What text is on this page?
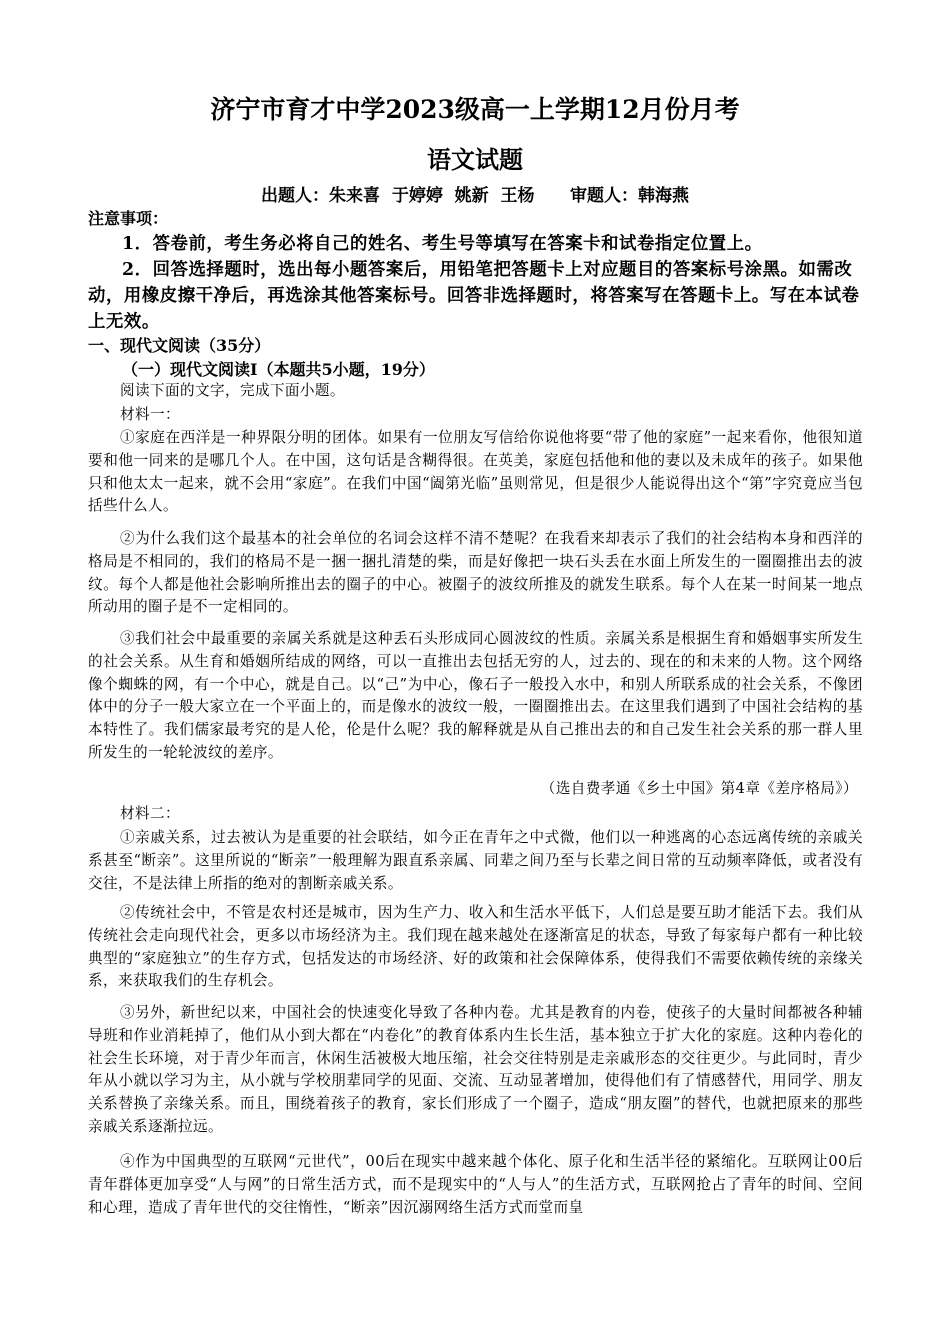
济宁市育才中学2023级高一上学期12月份月考
语文试题
出题人：朱来喜  于婷婷  姚新  王杨      审题人：韩海燕
注意事项：
1．答卷前，考生务必将自己的姓名、考生号等填写在答案卡和试卷指定位置上。
2．回答选择题时，选出每小题答案后，用铅笔把答题卡上对应题目的答案标号涂黑。如需改动，用橡皮擦干净后，再选涂其他答案标号。回答非选择题时，将答案写在答题卡上。写在本试卷上无效。
一、现代文阅读（35分）
（一）现代文阅读Ⅰ（本题共5小题，19分）
阅读下面的文字，完成下面小题。
材料一：
①家庭在西洋是一种界限分明的团体。如果有一位朋友写信给你说他将要“带了他的家庭”一起来看你，他很知道要和他一同来的是哪几个人。在中国，这句话是含糊得很。在英美，家庭包括他和他的妻以及未成年的孩子。如果他只和他太太一起来，就不会用“家庭”。在我们中国“阖第光临”虽则常见，但是很少人能说得出这个“第”字究竟应当包括些什么人。
②为什么我们这个最基本的社会单位的名词会这样不清不楚呢？在我看来却表示了我们的社会结构本身和西洋的格局是不相同的，我们的格局不是一捆一捆扎清楚的柴，而是好像把一块石头丢在水面上所发生的一圈圈推出去的波纹。每个人都是他社会影响所推出去的圈子的中心。被圈子的波纹所推及的就发生联系。每个人在某一时间某一地点所动用的圈子是不一定相同的。
③我们社会中最重要的亲属关系就是这种丢石头形成同心圆波纹的性质。亲属关系是根据生育和婚姻事实所发生的社会关系。从生育和婚姻所结成的网络，可以一直推出去包括无穷的人，过去的、现在的和未来的人物。这个网络像个蜘蛛的网，有一个中心，就是自己。以“己”为中心，像石子一般投入水中，和别人所联系成的社会关系，不像团体中的分子一般大家立在一个平面上的，而是像水的波纹一般，一圈圈推出去。在这里我们遇到了中国社会结构的基本特性了。我们儒家最考究的是人伦，伦是什么呢？我的解释就是从自己推出去的和自己发生社会关系的那一群人里所发生的一轮轮波纹的差序。
（选自费孝通《乡土中国》第4章《差序格局》）
材料二：
①亲戚关系，过去被认为是重要的社会联结，如今正在青年之中式微，他们以一种逃离的心态远离传统的亲戚关系甚至“断亲”。这里所说的“断亲”一般理解为跟直系亲属、同辈之间乃至与长辈之间日常的互动频率降低，或者没有交往，不是法律上所指的绝对的割断亲戚关系。
②传统社会中，不管是农村还是城市，因为生产力、收入和生活水平低下，人们总是要互助才能活下去。我们从传统社会走向现代社会，更多以市场经济为主。我们现在越来越处在逐渐富足的状态，导致了每家每户都有一种比较典型的“家庭独立”的生存方式，包括发达的市场经济、好的政策和社会保障体系，使得我们不需要依赖传统的亲缘关系，来获取我们的生存机会。
③另外，新世纪以来，中国社会的快速变化导致了各种内卷。尤其是教育的内卷，使孩子的大量时间都被各种辅导班和作业消耗掉了，他们从小到大都在“内卷化”的教育体系内生长生活，基本独立于扩大化的家庭。这种内卷化的社会生长环境，对于青少年而言，休闲生活被极大地压缩，社会交往特别是走亲戚形态的交往更少。与此同时，青少年从小就以学习为主，从小就与学校朋辈同学的见面、交流、互动显著增加，使得他们有了情感替代，用同学、朋友关系替换了亲缘关系。而且，围绕着孩子的教育，家长们形成了一个圈子，造成“朋友圈”的替代，也就把原来的那些亲戚关系逐渐拉远。
④作为中国典型的互联网“元世代”，00后在现实中越来越个体化、原子化和生活半径的紧缩化。互联网让00后青年群体更加享受“人与网”的日常生活方式，而不是现实中的“人与人”的生活方式，互联网抢占了青年的时间、空间和心理，造成了青年世代的交往惰性，“断亲”因沉溺网络生活方式而堂而皇
